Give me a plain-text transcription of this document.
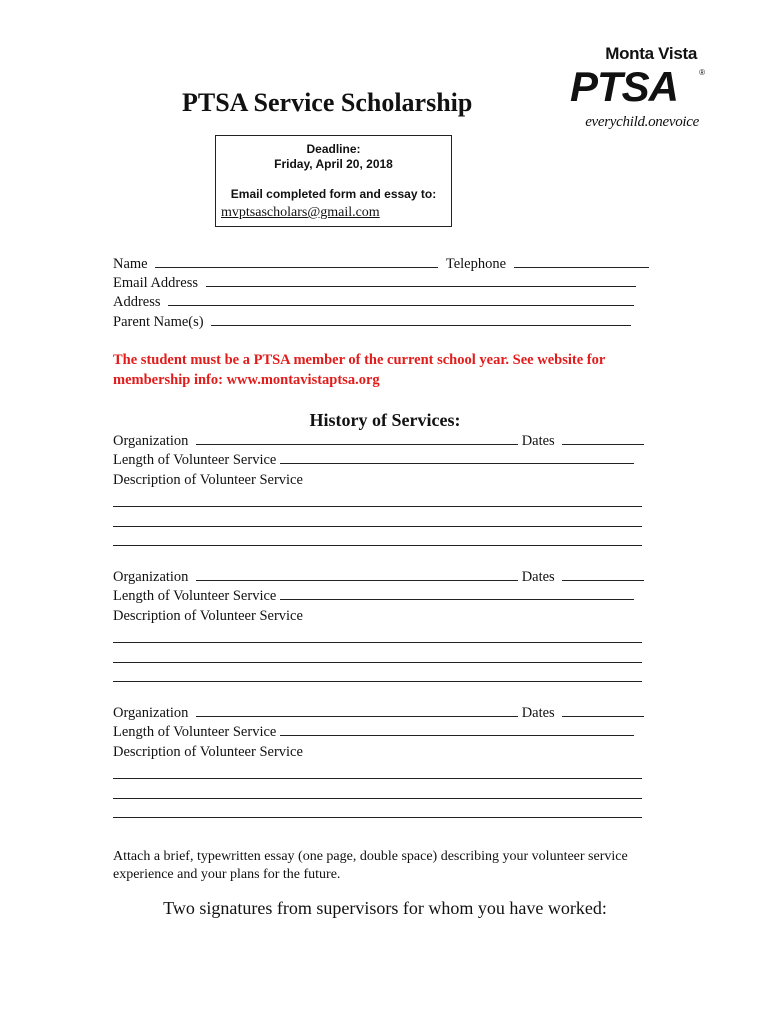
Monta Vista
PTSA	®
everychild.onevoice
PTSA Service Scholarship
Deadline:
Friday, April 20, 2018
Email completed form and essay to:
mvptsascholars@gmail.com
Name	Telephone
Email Address
Address
Parent Name(s)
The student must be a PTSA member of the current school year. See website for membership info: www.montavistaptsa.org
History of Services:
Organization	Dates
Length of Volunteer Service
Description of Volunteer Service
Organization	Dates
Length of Volunteer Service
Description of Volunteer Service
Organization	Dates
Length of Volunteer Service
Description of Volunteer Service
Attach a brief, typewritten essay (one page, double space) describing your volunteer service experience and your plans for the future.
Two signatures from supervisors for whom you have worked:
